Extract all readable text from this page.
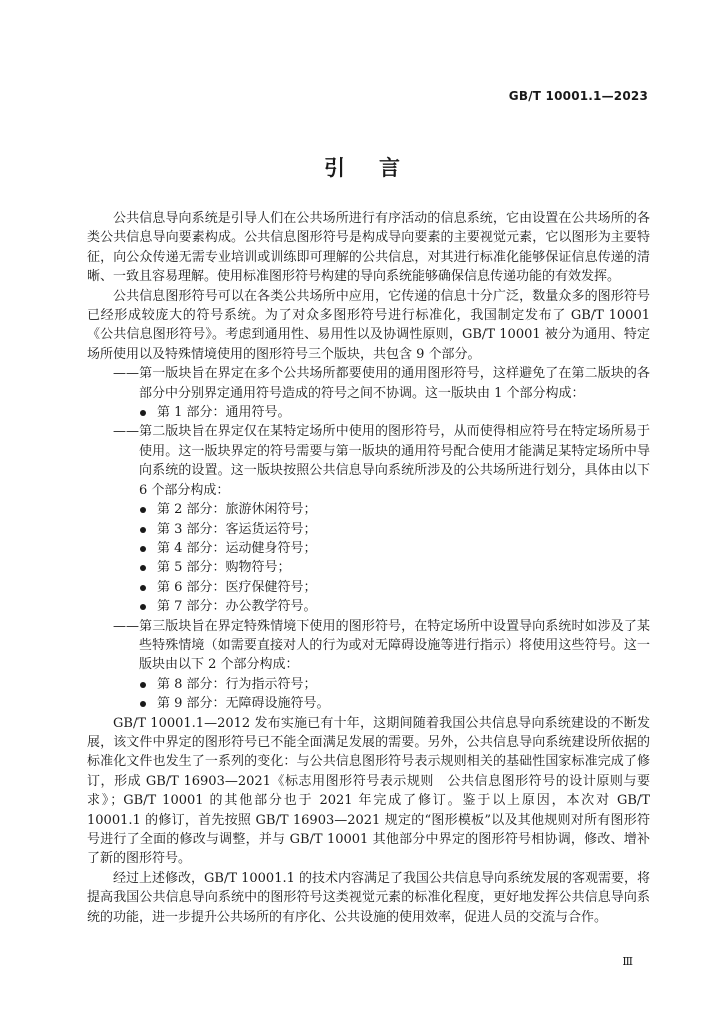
GB/T 10001.1—2023
引言

公共信息导向系统是引导人们在公共场所进行有序活动的信息系统，它由设置在公共场所的各类公共信息导向要素构成。公共信息图形符号是构成导向要素的主要视觉元素，它以图形为主要特征，向公众传递无需专业培训或训练即可理解的公共信息，对其进行标准化能够保证信息传递的清晰、一致且容易理解。使用标准图形符号构建的导向系统能够确保信息传递功能的有效发挥。

公共信息图形符号可以在各类公共场所中应用，它传递的信息十分广泛，数量众多的图形符号已经形成较庞大的符号系统。为了对众多图形符号进行标准化，我国制定发布了 GB/T 10001《公共信息图形符号》。考虑到通用性、易用性以及协调性原则，GB/T 10001 被分为通用、特定场所使用以及特殊情境使用的图形符号三个版块，共包含 9 个部分。

——第一版块旨在界定在多个公共场所都要使用的通用图形符号，这样避免了在第二版块的各部分中分别界定通用符号造成的符号之间不协调。这一版块由 1 个部分构成：

第 1 部分：通用符号。

——第二版块旨在界定仅在某特定场所中使用的图形符号，从而使得相应符号在特定场所易于使用。这一版块界定的符号需要与第一版块的通用符号配合使用才能满足某特定场所中导向系统的设置。这一版块按照公共信息导向系统所涉及的公共场所进行划分，具体由以下 6 个部分构成：

第 2 部分：旅游休闲符号；
第 3 部分：客运货运符号；
第 4 部分：运动健身符号；
第 5 部分：购物符号；
第 6 部分：医疗保健符号；
第 7 部分：办公教学符号。

——第三版块旨在界定特殊情境下使用的图形符号，在特定场所中设置导向系统时如涉及了某些特殊情境（如需要直接对人的行为或对无障碍设施等进行指示）将使用这些符号。这一版块由以下 2 个部分构成：

第 8 部分：行为指示符号；
第 9 部分：无障碍设施符号。

GB/T 10001.1—2012 发布实施已有十年，这期间随着我国公共信息导向系统建设的不断发展，该文件中界定的图形符号已不能全面满足发展的需要。另外，公共信息导向系统建设所依据的标准化文件也发生了一系列的变化：与公共信息图形符号表示规则相关的基础性国家标准完成了修订，形成 GB/T 16903—2021《标志用图形符号表示规则　公共信息图形符号的设计原则与要求》；GB/T 10001 的其他部分也于 2021 年完成了修订。鉴于以上原因，本次对 GB/T 10001.1 的修订，首先按照 GB/T 16903—2021 规定的“图形模板”以及其他规则对所有图形符号进行了全面的修改与调整，并与 GB/T 10001 其他部分中界定的图形符号相协调，修改、增补了新的图形符号。

经过上述修改，GB/T 10001.1 的技术内容满足了我国公共信息导向系统发展的客观需要，将提高我国公共信息导向系统中的图形符号这类视觉元素的标准化程度，更好地发挥公共信息导向系统的功能，进一步提升公共场所的有序化、公共设施的使用效率，促进人员的交流与合作。

Ⅲ
